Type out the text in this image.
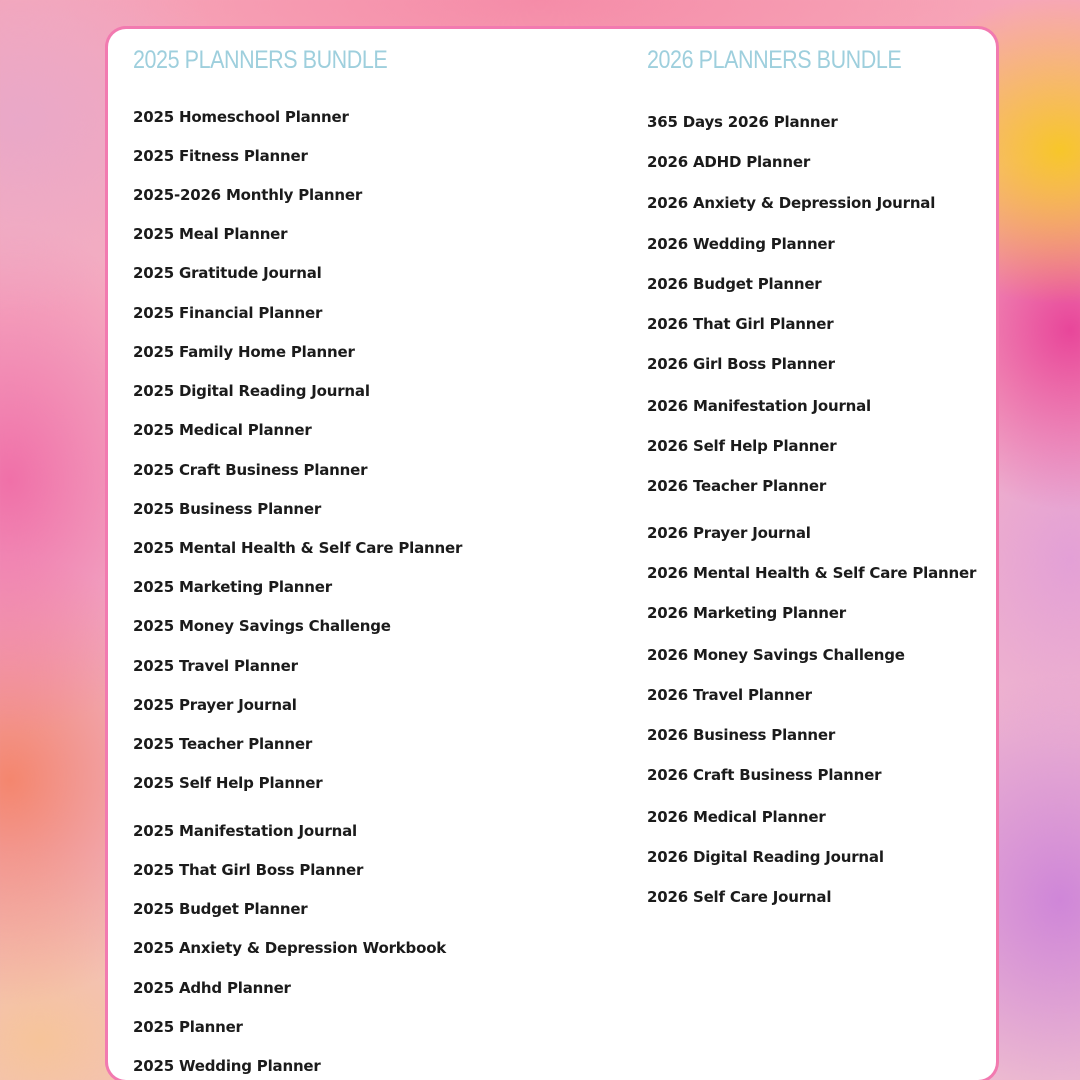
2025 PLANNERS BUNDLE
2025 Homeschool Planner
2025 Fitness Planner
2025-2026 Monthly Planner
2025 Meal Planner
2025 Gratitude Journal
2025 Financial Planner
2025 Family Home Planner
2025 Digital Reading Journal
2025 Medical Planner
2025 Craft Business Planner
2025 Business Planner
2025 Mental Health & Self Care Planner
2025 Marketing Planner
2025 Money Savings Challenge
2025 Travel Planner
2025 Prayer Journal
2025 Teacher Planner
2025 Self Help Planner
2025 Manifestation Journal
2025 That Girl Boss Planner
2025 Budget Planner
2025 Anxiety & Depression Workbook
2025 Adhd Planner
2025 Planner
2025 Wedding Planner
2026 PLANNERS BUNDLE
365 Days 2026 Planner
2026 ADHD Planner
2026 Anxiety & Depression Journal
2026 Wedding Planner
2026 Budget Planner
2026 That Girl Planner
2026 Girl Boss Planner
2026 Manifestation Journal
2026 Self Help Planner
2026 Teacher Planner
2026 Prayer Journal
2026 Mental Health & Self Care Planner
2026 Marketing Planner
2026 Money Savings Challenge
2026 Travel Planner
2026 Business Planner
2026 Craft Business Planner
2026 Medical Planner
2026 Digital Reading Journal
2026 Self Care Journal
